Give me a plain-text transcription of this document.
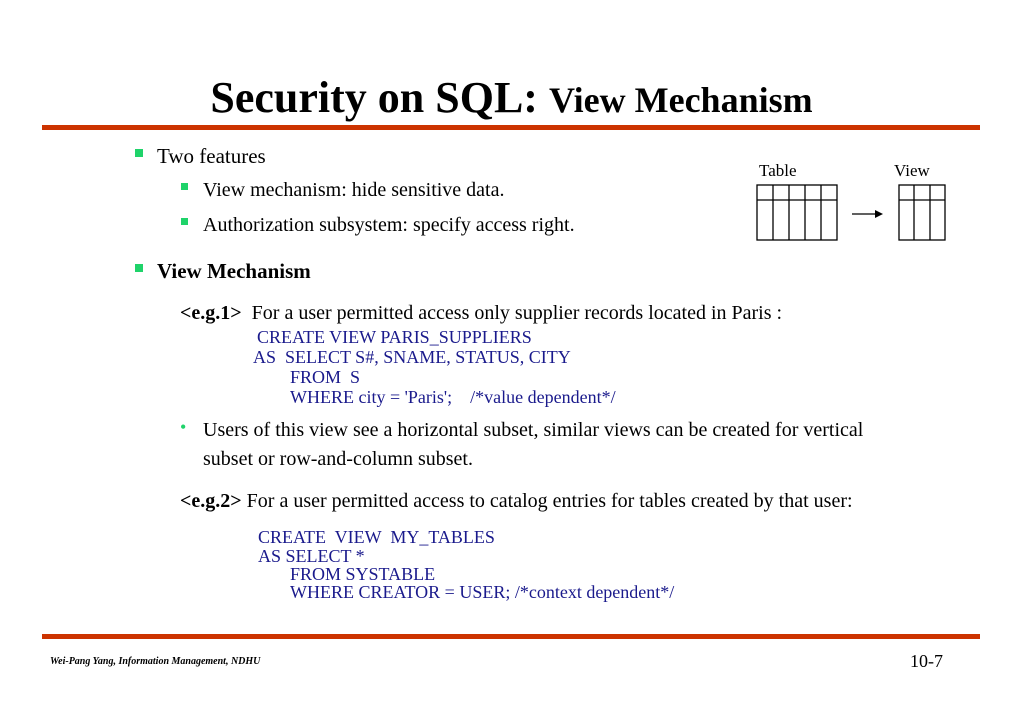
Security on SQL: View Mechanism
Two features
View mechanism: hide sensitive data.
Authorization subsystem: specify access right.
Table	View
View Mechanism
<e.g.1> For a user permitted access only supplier records located in Paris :
CREATE VIEW PARIS_SUPPLIERS
AS  SELECT S#, SNAME, STATUS, CITY
FROM  S
WHERE city = 'Paris';    /*value dependent*/
• Users of this view see a horizontal subset, similar views can be created for vertical
subset or row-and-column subset.
<e.g.2> For a user permitted access to catalog entries for tables created by that user:
CREATE  VIEW  MY_TABLES
AS SELECT *
FROM SYSTABLE
WHERE CREATOR = USER; /*context dependent*/
Wei-Pang Yang, Information Management, NDHU	10-7
